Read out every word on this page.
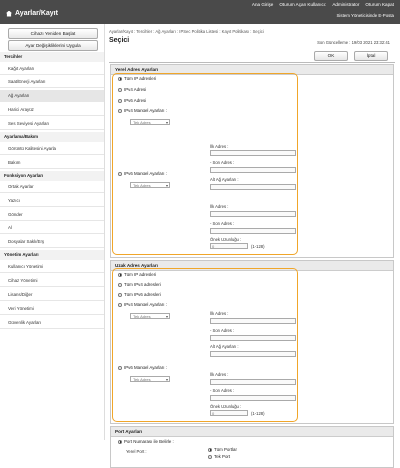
Ana Girişe Oturum Açan Kullanıcı: Administrator Oturum Kapat
Ayarlar/Kayıt	Sistem Yöneticisinde E-Posta
Cihazı Yeniden Başlat
Ayar Değişikliklerini Uygula
Tercihler
Kağıt Ayarları
Saat/Enerji Ayarları
Ağ Ayarları
Harici Arayüz
Ses Seviyesi Ayarları
Ayarlama/Bakım
Görüntü Kalitesini Ayarla
Bakım
Fonksiyon Ayarları
Ortak Ayarlar
Yazıcı
Gönder
Al
Dosyalar Saklı/Erş
Yönetim Ayarları
Kullanıcı Yönetimi
Cihaz Yönetimi
Lisans/Diğer
Veri Yönetimi
Güvenlik Ayarları
Ayarlar/Kayıt : Tercihler : Ağ Ayarları : IPSec Politika Listesi : Kayıt Politikası : Seçici
Seçici	Son Güncelleme : 19/03 2021 23:32:41
OK	İptal
Yerel Adres Ayarları
Tüm IP adresleri
IPv4 Adresi
IPv6 Adresi
IPv4 Manüel Ayarları :
Tek Adres ▾
İlk Adres :
- Son Adres :
Alt Ağ Ayarları :
IPv6 Manüel Ayarları :
Tek Adres ▾
İlk Adres :
- Son Adres :
Önek Uzunluğu :
0	(1-128)
Uzak Adres Ayarları
Tüm IP adresleri
Tüm IPv4 adresleri
Tüm IPv6 adresleri
IPv4 Manüel Ayarları :
Tek Adres ▾
İlk Adres :
- Son Adres :
Alt Ağ Ayarları :
IPv6 Manüel Ayarları :
Tek Adres ▾
İlk Adres :
- Son Adres :
Önek Uzunluğu :
0	(1-128)
Port Ayarları
Port Numarası ile Belirle :
Yerel Port :	Tüm Portlar
Tek Port
